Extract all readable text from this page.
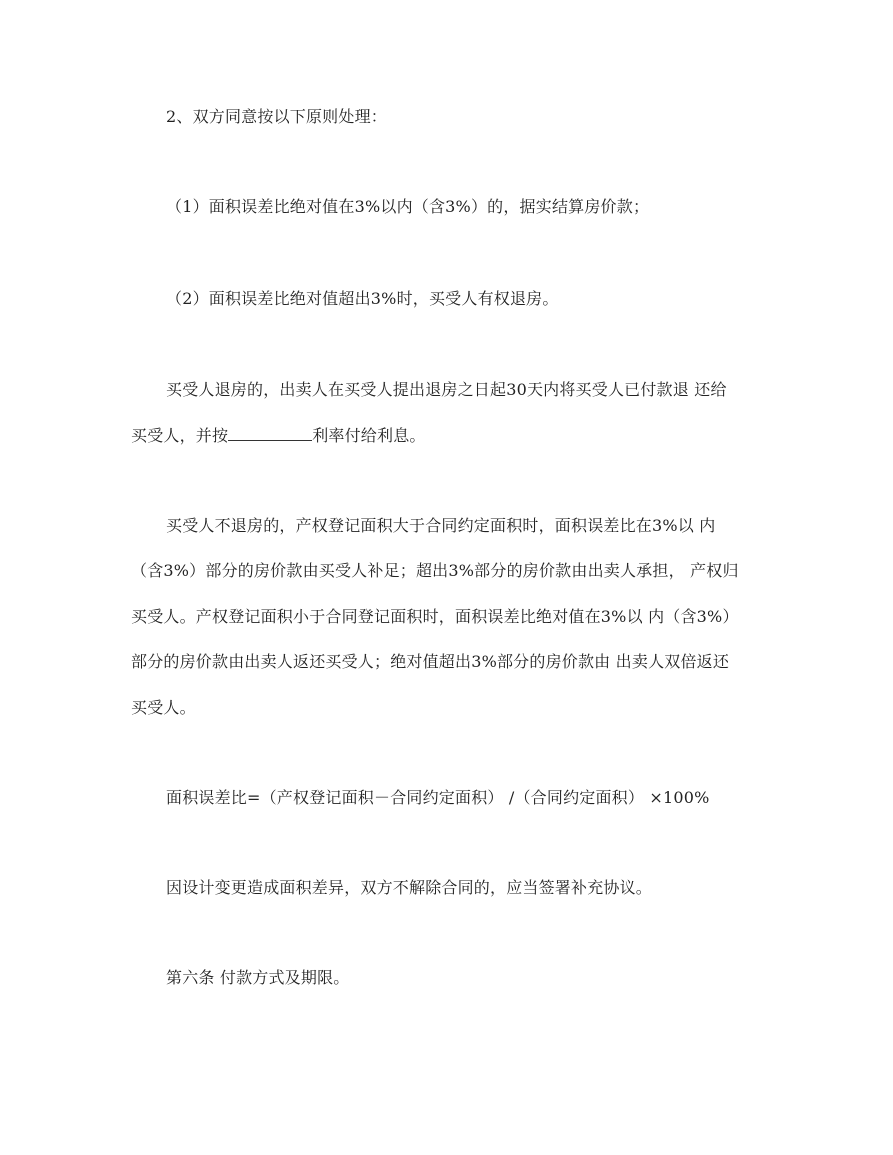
2、双方同意按以下原则处理：
（1）面积误差比绝对值在3%以内（含3%）的，据实结算房价款；
（2）面积误差比绝对值超出3%时，买受人有权退房。
买受人退房的，出卖人在买受人提出退房之日起30天内将买受人已付款退 还给
买受人，并按	利率付给利息。
买受人不退房的，产权登记面积大于合同约定面积时，面积误差比在3%以 内
（含3%）部分的房价款由买受人补足；超出3%部分的房价款由出卖人承担， 产权归
买受人。产权登记面积小于合同登记面积时，面积误差比绝对值在3%以 内（含3%）
部分的房价款由出卖人返还买受人；绝对值超出3%部分的房价款由 出卖人双倍返还
买受人。
面积误差比=（产权登记面积－合同约定面积） /（合同约定面积） ×100%
因设计变更造成面积差异，双方不解除合同的，应当签署补充协议。
第六条 付款方式及期限。
